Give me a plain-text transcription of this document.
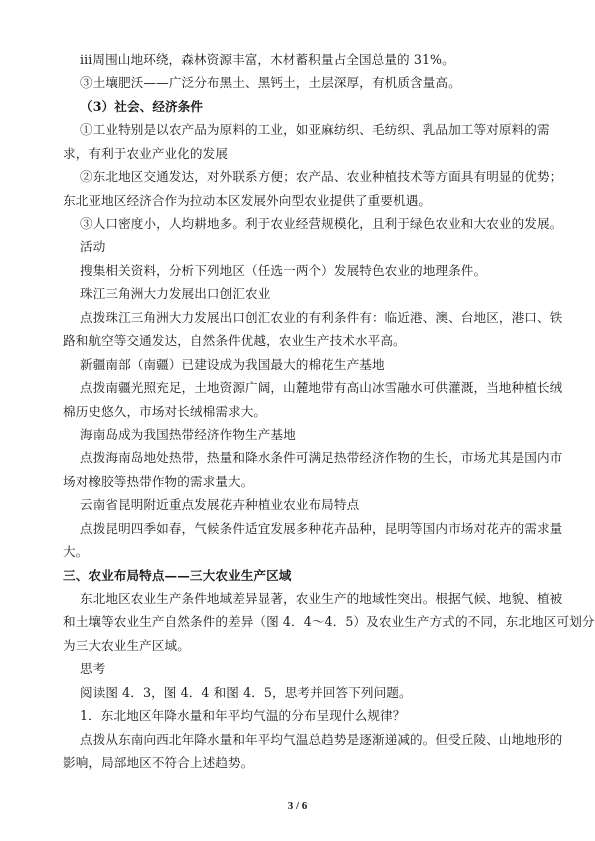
iii周围山地环绕，森林资源丰富，木材蓄积量占全国总量的 31%。
③土壤肥沃——广泛分布黑土、黑钙土，土层深厚，有机质含量高。
（3）社会、经济条件
①工业特别是以农产品为原料的工业，如亚麻纺织、毛纺织、乳品加工等对原料的需
求，有利于农业产业化的发展
②东北地区交通发达，对外联系方便；农产品、农业种植技术等方面具有明显的优势；
东北亚地区经济合作为拉动本区发展外向型农业提供了重要机遇。
③人口密度小，人均耕地多。利于农业经营规模化，且利于绿色农业和大农业的发展。
活动
搜集相关资料，分析下列地区（任选一两个）发展特色农业的地理条件。
珠江三角洲大力发展出口创汇农业
点拨珠江三角洲大力发展出口创汇农业的有利条件有：临近港、澳、台地区，港口、铁
路和航空等交通发达，自然条件优越，农业生产技术水平高。
新疆南部（南疆）已建设成为我国最大的棉花生产基地
点拨南疆光照充足，土地资源广阔，山麓地带有高山冰雪融水可供灌溉，当地种植长绒
棉历史悠久，市场对长绒棉需求大。
海南岛成为我国热带经济作物生产基地
点拨海南岛地处热带，热量和降水条件可满足热带经济作物的生长，市场尤其是国内市
场对橡胶等热带作物的需求量大。
云南省昆明附近重点发展花卉种植业农业布局特点
点拨昆明四季如春，气候条件适宜发展多种花卉品种，昆明等国内市场对花卉的需求量
大。
三、农业布局特点——三大农业生产区域
东北地区农业生产条件地域差异显著，农业生产的地域性突出。根据气候、地貌、植被
和土壤等农业生产自然条件的差异（图 4．4～4．5）及农业生产方式的不同，东北地区可划分
为三大农业生产区域。
思考
阅读图 4．3，图 4．4 和图 4．5，思考并回答下列问题。
1．东北地区年降水量和年平均气温的分布呈现什么规律？
点拨从东南向西北年降水量和年平均气温总趋势是逐渐递减的。但受丘陵、山地地形的
影响，局部地区不符合上述趋势。
3 / 6
